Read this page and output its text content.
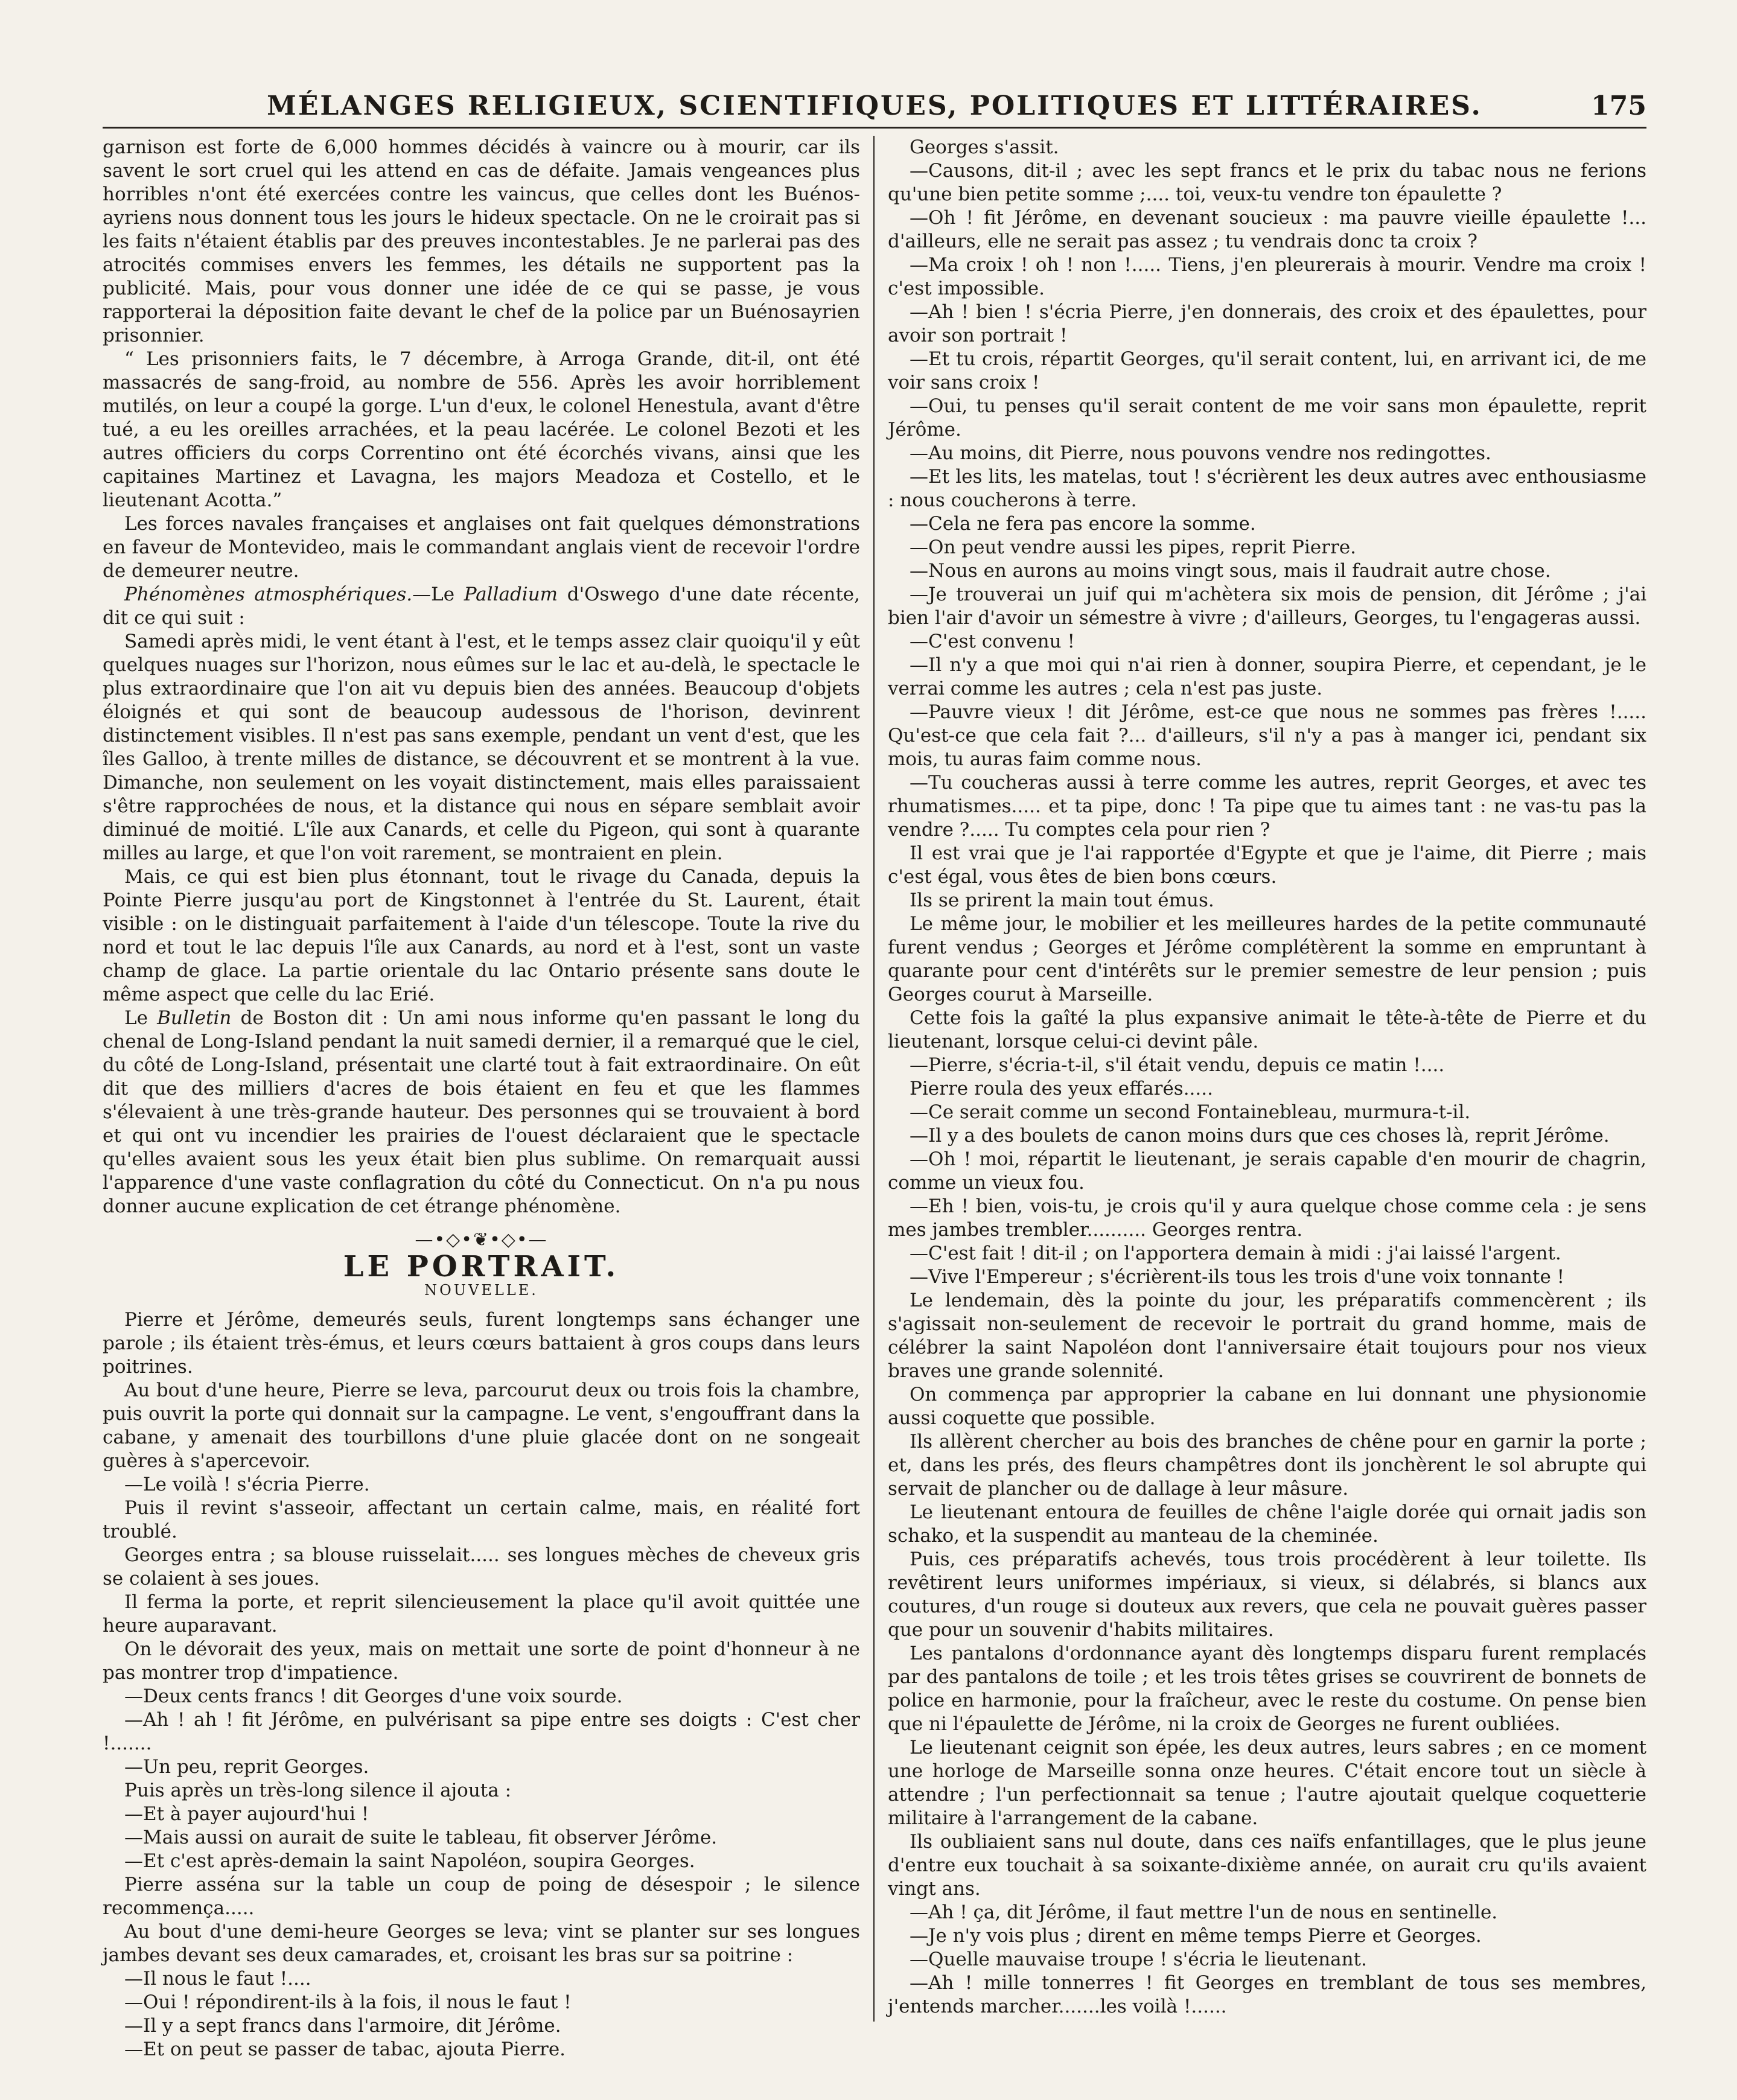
MÉLANGES RELIGIEUX, SCIENTIFIQUES, POLITIQUES ET LITTÉRAIRES.	175

garnison est forte de 6,000 hommes décidés à vaincre ou à mourir, car ils savent le sort cruel qui les attend en cas de défaite. Jamais vengeances plus horribles n'ont été exercées contre les vaincus, que celles dont les Buénos-ayriens nous donnent tous les jours le hideux spectacle. On ne le croirait pas si les faits n'étaient établis par des preuves incontestables. Je ne parlerai pas des atrocités commises envers les femmes, les détails ne supportent pas la publicité. Mais, pour vous donner une idée de ce qui se passe, je vous rapporterai la déposition faite devant le chef de la police par un Buénosayrien prisonnier.

“ Les prisonniers faits, le 7 décembre, à Arroga Grande, dit-il, ont été massacrés de sang-froid, au nombre de 556. Après les avoir horriblement mutilés, on leur a coupé la gorge. L'un d'eux, le colonel Henestula, avant d'être tué, a eu les oreilles arrachées, et la peau lacérée. Le colonel Bezoti et les autres officiers du corps Correntino ont été écorchés vivans, ainsi que les capitaines Martinez et Lavagna, les majors Meadoza et Costello, et le lieutenant Acotta.”

Les forces navales françaises et anglaises ont fait quelques démonstrations en faveur de Montevideo, mais le commandant anglais vient de recevoir l'ordre de demeurer neutre.

Phénomènes atmosphériques.—Le Palladium d'Oswego d'une date récente, dit ce qui suit :

Samedi après midi, le vent étant à l'est, et le temps assez clair quoiqu'il y eût quelques nuages sur l'horizon, nous eûmes sur le lac et au-delà, le spectacle le plus extraordinaire que l'on ait vu depuis bien des années. Beaucoup d'objets éloignés et qui sont de beaucoup audessous de l'horison, devinrent distinctement visibles. Il n'est pas sans exemple, pendant un vent d'est, que les îles Galloo, à trente milles de distance, se découvrent et se montrent à la vue. Dimanche, non seulement on les voyait distinctement, mais elles paraissaient s'être rapprochées de nous, et la distance qui nous en sépare semblait avoir diminué de moitié. L'île aux Canards, et celle du Pigeon, qui sont à quarante milles au large, et que l'on voit rarement, se montraient en plein.

Mais, ce qui est bien plus étonnant, tout le rivage du Canada, depuis la Pointe Pierre jusqu'au port de Kingstonnet à l'entrée du St. Laurent, était visible : on le distinguait parfaitement à l'aide d'un télescope. Toute la rive du nord et tout le lac depuis l'île aux Canards, au nord et à l'est, sont un vaste champ de glace. La partie orientale du lac Ontario présente sans doute le même aspect que celle du lac Erié.

Le Bulletin de Boston dit : Un ami nous informe qu'en passant le long du chenal de Long-Island pendant la nuit samedi dernier, il a remarqué que le ciel, du côté de Long-Island, présentait une clarté tout à fait extraordinaire. On eût dit que des milliers d'acres de bois étaient en feu et que les flammes s'élevaient à une très-grande hauteur. Des personnes qui se trouvaient à bord et qui ont vu incendier les prairies de l'ouest déclaraient que le spectacle qu'elles avaient sous les yeux était bien plus sublime. On remarquait aussi l'apparence d'une vaste conflagration du côté du Connecticut. On n'a pu nous donner aucune explication de cet étrange phénomène.

—•◇•❦•◇•—
LE PORTRAIT.
NOUVELLE.

Pierre et Jérôme, demeurés seuls, furent longtemps sans échanger une parole ; ils étaient très-émus, et leurs cœurs battaient à gros coups dans leurs poitrines.

Au bout d'une heure, Pierre se leva, parcourut deux ou trois fois la chambre, puis ouvrit la porte qui donnait sur la campagne. Le vent, s'engouffrant dans la cabane, y amenait des tourbillons d'une pluie glacée dont on ne songeait guères à s'apercevoir.

—Le voilà ! s'écria Pierre.

Puis il revint s'asseoir, affectant un certain calme, mais, en réalité fort troublé.

Georges entra ; sa blouse ruisselait..... ses longues mèches de cheveux gris se colaient à ses joues.

Il ferma la porte, et reprit silencieusement la place qu'il avoit quittée une heure auparavant.

On le dévorait des yeux, mais on mettait une sorte de point d'honneur à ne pas montrer trop d'impatience.

—Deux cents francs ! dit Georges d'une voix sourde.

—Ah ! ah ! fit Jérôme, en pulvérisant sa pipe entre ses doigts : C'est cher !.......

—Un peu, reprit Georges.

Puis après un très-long silence il ajouta :

—Et à payer aujourd'hui !

—Mais aussi on aurait de suite le tableau, fit observer Jérôme.

—Et c'est après-demain la saint Napoléon, soupira Georges.

Pierre asséna sur la table un coup de poing de désespoir ; le silence recommença.....

Au bout d'une demi-heure Georges se leva; vint se planter sur ses longues jambes devant ses deux camarades, et, croisant les bras sur sa poitrine :

—Il nous le faut !....

—Oui ! répondirent-ils à la fois, il nous le faut !

—Il y a sept francs dans l'armoire, dit Jérôme.

—Et on peut se passer de tabac, ajouta Pierre.

Georges s'assit.

—Causons, dit-il ; avec les sept francs et le prix du tabac nous ne ferions qu'une bien petite somme ;.... toi, veux-tu vendre ton épaulette ?

—Oh ! fit Jérôme, en devenant soucieux : ma pauvre vieille épaulette !... d'ailleurs, elle ne serait pas assez ; tu vendrais donc ta croix ?

—Ma croix ! oh ! non !..... Tiens, j'en pleurerais à mourir. Vendre ma croix ! c'est impossible.

—Ah ! bien ! s'écria Pierre, j'en donnerais, des croix et des épaulettes, pour avoir son portrait !

—Et tu crois, répartit Georges, qu'il serait content, lui, en arrivant ici, de me voir sans croix !

—Oui, tu penses qu'il serait content de me voir sans mon épaulette, reprit Jérôme.

—Au moins, dit Pierre, nous pouvons vendre nos redingottes.

—Et les lits, les matelas, tout ! s'écrièrent les deux autres avec enthousiasme : nous coucherons à terre.

—Cela ne fera pas encore la somme.

—On peut vendre aussi les pipes, reprit Pierre.

—Nous en aurons au moins vingt sous, mais il faudrait autre chose.

—Je trouverai un juif qui m'achètera six mois de pension, dit Jérôme ; j'ai bien l'air d'avoir un sémestre à vivre ; d'ailleurs, Georges, tu l'engageras aussi.

—C'est convenu !

—Il n'y a que moi qui n'ai rien à donner, soupira Pierre, et cependant, je le verrai comme les autres ; cela n'est pas juste.

—Pauvre vieux ! dit Jérôme, est-ce que nous ne sommes pas frères !..... Qu'est-ce que cela fait ?... d'ailleurs, s'il n'y a pas à manger ici, pendant six mois, tu auras faim comme nous.

—Tu coucheras aussi à terre comme les autres, reprit Georges, et avec tes rhumatismes..... et ta pipe, donc ! Ta pipe que tu aimes tant : ne vas-tu pas la vendre ?..... Tu comptes cela pour rien ?

Il est vrai que je l'ai rapportée d'Egypte et que je l'aime, dit Pierre ; mais c'est égal, vous êtes de bien bons cœurs.

Ils se prirent la main tout émus.

Le même jour, le mobilier et les meilleures hardes de la petite communauté furent vendus ; Georges et Jérôme complétèrent la somme en empruntant à quarante pour cent d'intérêts sur le premier semestre de leur pension ; puis Georges courut à Marseille.

Cette fois la gaîté la plus expansive animait le tête-à-tête de Pierre et du lieutenant, lorsque celui-ci devint pâle.

—Pierre, s'écria-t-il, s'il était vendu, depuis ce matin !....

Pierre roula des yeux effarés.....

—Ce serait comme un second Fontainebleau, murmura-t-il.

—Il y a des boulets de canon moins durs que ces choses là, reprit Jérôme.

—Oh ! moi, répartit le lieutenant, je serais capable d'en mourir de chagrin, comme un vieux fou.

—Eh ! bien, vois-tu, je crois qu'il y aura quelque chose comme cela : je sens mes jambes trembler.......... Georges rentra.

—C'est fait ! dit-il ; on l'apportera demain à midi : j'ai laissé l'argent.

—Vive l'Empereur ; s'écrièrent-ils tous les trois d'une voix tonnante !

Le lendemain, dès la pointe du jour, les préparatifs commencèrent ; ils s'agissait non-seulement de recevoir le portrait du grand homme, mais de célébrer la saint Napoléon dont l'anniversaire était toujours pour nos vieux braves une grande solennité.

On commença par approprier la cabane en lui donnant une physionomie aussi coquette que possible.

Ils allèrent chercher au bois des branches de chêne pour en garnir la porte ; et, dans les prés, des fleurs champêtres dont ils jonchèrent le sol abrupte qui servait de plancher ou de dallage à leur mâsure.

Le lieutenant entoura de feuilles de chêne l'aigle dorée qui ornait jadis son schako, et la suspendit au manteau de la cheminée.

Puis, ces préparatifs achevés, tous trois procédèrent à leur toilette. Ils revêtirent leurs uniformes impériaux, si vieux, si délabrés, si blancs aux coutures, d'un rouge si douteux aux revers, que cela ne pouvait guères passer que pour un souvenir d'habits militaires.

Les pantalons d'ordonnance ayant dès longtemps disparu furent remplacés par des pantalons de toile ; et les trois têtes grises se couvrirent de bonnets de police en harmonie, pour la fraîcheur, avec le reste du costume. On pense bien que ni l'épaulette de Jérôme, ni la croix de Georges ne furent oubliées.

Le lieutenant ceignit son épée, les deux autres, leurs sabres ; en ce moment une horloge de Marseille sonna onze heures. C'était encore tout un siècle à attendre ; l'un perfectionnait sa tenue ; l'autre ajoutait quelque coquetterie militaire à l'arrangement de la cabane.

Ils oubliaient sans nul doute, dans ces naïfs enfantillages, que le plus jeune d'entre eux touchait à sa soixante-dixième année, on aurait cru qu'ils avaient vingt ans.

—Ah ! ça, dit Jérôme, il faut mettre l'un de nous en sentinelle.

—Je n'y vois plus ; dirent en même temps Pierre et Georges.

—Quelle mauvaise troupe ! s'écria le lieutenant.

—Ah ! mille tonnerres ! fit Georges en tremblant de tous ses membres, j'entends marcher.......les voilà !......
